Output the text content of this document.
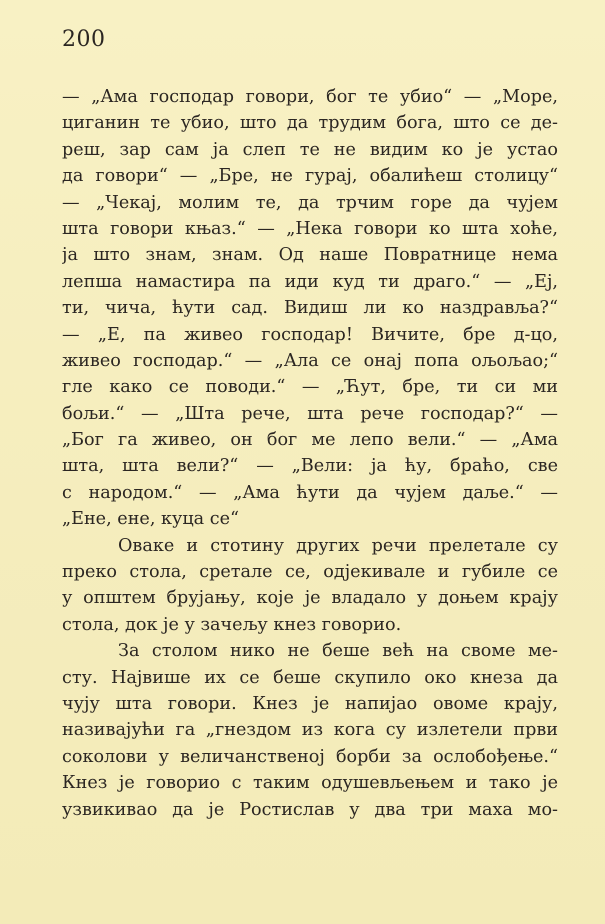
200
— „Ама господар говори, бог те убио“ — „Море,
циганин те убио, што да трудим бога, што се де-
реш, зар сам ја слеп те не видим ко је устао
да говори“ — „Бре, не гурај, обалићеш столицу“
— „Чекај, молим те, да трчим горе да чујем
шта говори књаз.“ — „Нека говори ко шта хоће,
ја што знам, знам. Од наше Повратнице нема
лепша намастира па иди куд ти драго.“ — „Еј,
ти, чича, ћути сад. Видиш ли ко наздравља?“
— „Е, па живео господар! Вичите, бре д-цо,
живео господар.“ — „Ала се онај попа ољољао;“
гле како се поводи.“ — „Ћут, бре, ти си ми
бољи.“ — „Шта рече, шта рече господар?“ —
„Бог га живео, он бог ме лепо вели.“ — „Ама
шта, шта вели?“ — „Вели: ја ћу, браћо, све
с народом.“ — „Ама ћути да чујем даље.“ —
„Ене, ене, куца се“
Оваке и стотину других речи прелетале су
преко стола, сретале се, одјекивале и губиле се
у општем брујању, које је владало у доњем крају
стола, док је у зачељу кнез говорио.
За столом нико не беше већ на своме ме-
сту. Највише их се беше скупило око кнеза да
чују шта говори. Кнез је напијао овоме крају,
називајући га „гнездом из кога су излетели први
соколови у величанственој борби за ослобођење.“
Кнез је говорио с таким одушевљењем и тако је
узвикивао да је Ростислав у два три маха мо-
